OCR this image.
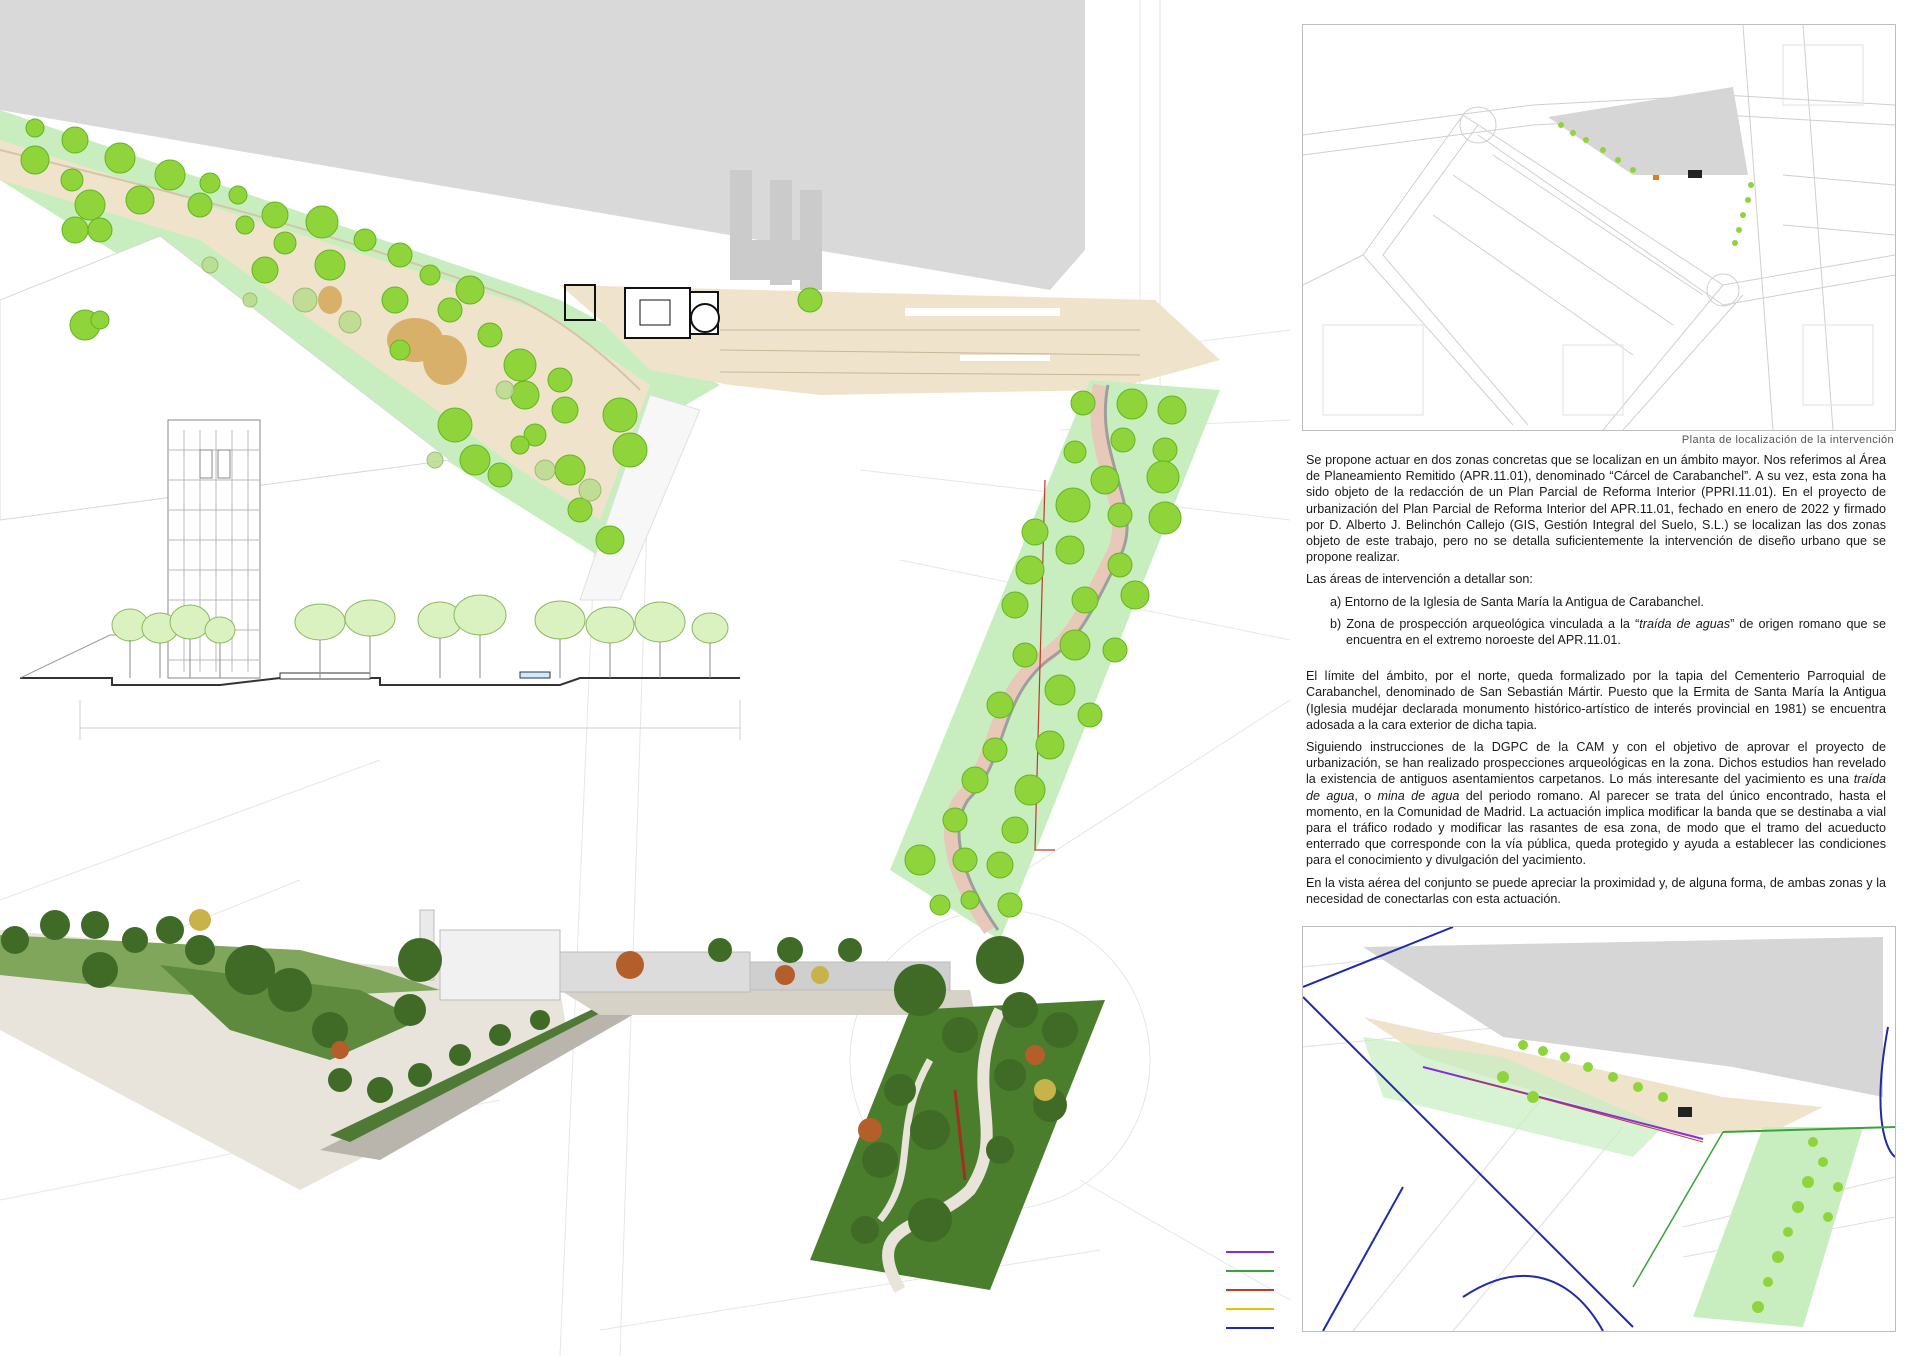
Planta de localización de la intervención

Se propone actuar en dos zonas concretas que se localizan en un ámbito mayor. Nos referimos al Área de Planeamiento Remitido (APR.11.01), denominado “Cárcel de Carabanchel”. A su vez, esta zona ha sido objeto de la redacción de un Plan Parcial de Reforma Interior (PPRI.11.01). En el proyecto de urbanización del Plan Parcial de Reforma Interior del APR.11.01, fechado en enero de 2022 y firmado por D. Alberto J. Belinchón Callejo (GIS, Gestión Integral del Suelo, S.L.) se localizan las dos zonas objeto de este trabajo, pero no se detalla suficientemente la intervención de diseño urbano que se propone realizar.

Las áreas de intervención a detallar son:

a) Entorno de la Iglesia de Santa María la Antigua de Carabanchel.
b) Zona de prospección arqueológica vinculada a la “traída de aguas” de origen romano que se encuentra en el extremo noroeste del APR.11.01.

El límite del ámbito, por el norte, queda formalizado por la tapia del Cementerio Parroquial de Carabanchel, denominado de San Sebastián Mártir. Puesto que la Ermita de Santa María la Antigua (Iglesia mudéjar declarada monumento histórico-artístico de interés provincial en 1981) se encuentra adosada a la cara exterior de dicha tapia.

Siguiendo instrucciones de la DGPC de la CAM y con el objetivo de aprovar el proyecto de urbanización, se han realizado prospecciones arqueológicas en la zona. Dichos estudios han revelado la existencia de antiguos asentamientos carpetanos. Lo más interesante del yacimiento es una traída de agua, o mina de agua del periodo romano. Al parecer se trata del único encontrado, hasta el momento, en la Comunidad de Madrid. La actuación implica modificar la banda que se destinaba a vial para el tráfico rodado y modificar las rasantes de esa zona, de modo que el tramo del acueducto enterrado que corresponde con la vía pública, queda protegido y ayuda a establecer las condiciones para el conocimiento y divulgación del yacimiento.

En la vista aérea del conjunto se puede apreciar la proximidad y, de alguna forma, de ambas zonas y la necesidad de conectarlas con esta actuación.
